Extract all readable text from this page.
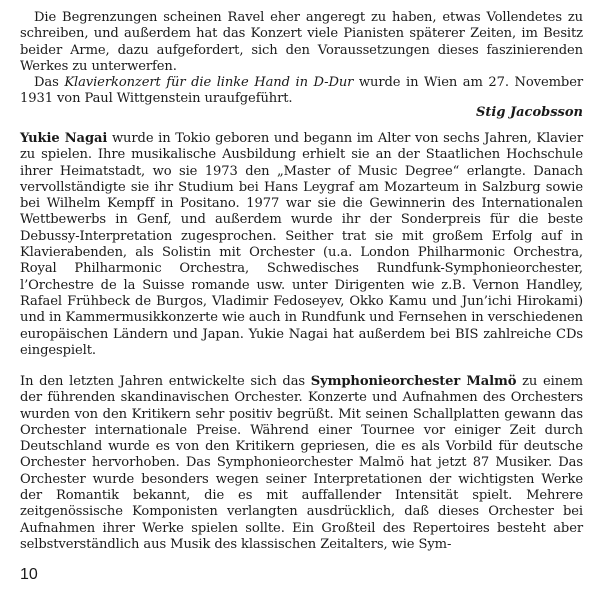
Die Begrenzungen scheinen Ravel eher angeregt zu haben, etwas Vollendetes zu schreiben, und außerdem hat das Konzert viele Pianisten späterer Zeiten, im Besitz beider Arme, dazu aufgefordert, sich den Voraussetzungen dieses faszinierenden Werkes zu unterwerfen.

Das Klavierkonzert für die linke Hand in D-Dur wurde in Wien am 27. November 1931 von Paul Wittgenstein uraufgeführt.

Stig Jacobsson

Yukie Nagai wurde in Tokio geboren und begann im Alter von sechs Jahren, Klavier zu spielen. Ihre musikalische Ausbildung erhielt sie an der Staatlichen Hochschule ihrer Heimatstadt, wo sie 1973 den „Master of Music Degree“ erlangte. Danach vervollständigte sie ihr Studium bei Hans Leygraf am Mozarteum in Salzburg sowie bei Wilhelm Kempff in Positano. 1977 war sie die Gewinnerin des Internationalen Wettbewerbs in Genf, und außerdem wurde ihr der Sonderpreis für die beste Debussy-Interpretation zugesprochen. Seither trat sie mit großem Erfolg auf in Klavierabenden, als Solistin mit Orchester (u.a. London Philharmonic Orchestra, Royal Philharmonic Orchestra, Schwedisches Rundfunk-Symphonieorchester, l’Orchestre de la Suisse romande usw. unter Dirigenten wie z.B. Vernon Handley, Rafael Frühbeck de Burgos, Vladimir Fedoseyev, Okko Kamu und Jun’ichi Hirokami) und in Kammermusikkonzerte wie auch in Rundfunk und Fernsehen in verschiedenen europäischen Ländern und Japan. Yukie Nagai hat außerdem bei BIS zahlreiche CDs eingespielt.

In den letzten Jahren entwickelte sich das Symphonieorchester Malmö zu einem der führenden skandinavischen Orchester. Konzerte und Aufnahmen des Orchesters wurden von den Kritikern sehr positiv begrüßt. Mit seinen Schallplatten gewann das Orchester internationale Preise. Während einer Tournee vor einiger Zeit durch Deutschland wurde es von den Kritikern gepriesen, die es als Vorbild für deutsche Orchester hervorhoben. Das Symphonieorchester Malmö hat jetzt 87 Musiker. Das Orchester wurde besonders wegen seiner Interpretationen der wichtigsten Werke der Romantik bekannt, die es mit auffallender Intensität spielt. Mehrere zeitgenössische Komponisten verlangten ausdrücklich, daß dieses Orchester bei Aufnahmen ihrer Werke spielen sollte. Ein Großteil des Repertoires besteht aber selbstverständlich aus Musik des klassischen Zeitalters, wie Sym-

10
